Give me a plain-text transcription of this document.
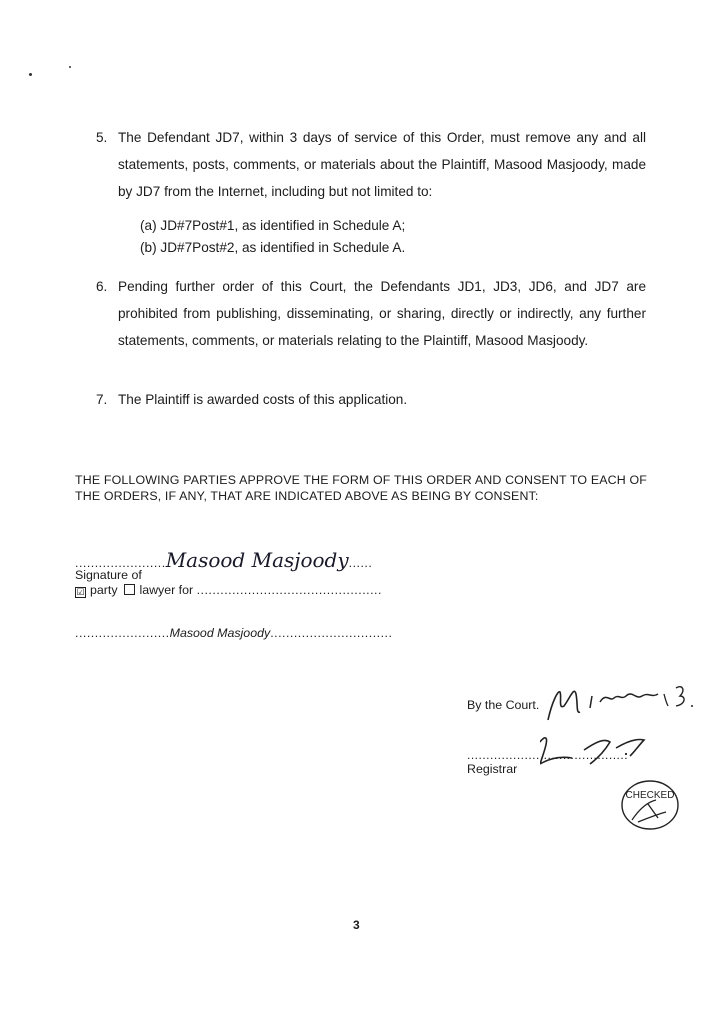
5. The Defendant JD7, within 3 days of service of this Order, must remove any and all statements, posts, comments, or materials about the Plaintiff, Masood Masjoody, made by JD7 from the Internet, including but not limited to:
(a) JD#7Post#1, as identified in Schedule A;
(b) JD#7Post#2, as identified in Schedule A.
6. Pending further order of this Court, the Defendants JD1, JD3, JD6, and JD7 are prohibited from publishing, disseminating, or sharing, directly or indirectly, any further statements, comments, or materials relating to the Plaintiff, Masood Masjoody.
7. The Plaintiff is awarded costs of this application.
THE FOLLOWING PARTIES APPROVE THE FORM OF THIS ORDER AND CONSENT TO EACH OF THE ORDERS, IF ANY, THAT ARE INDICATED ABOVE AS BEING BY CONSENT:
.......................Masood Masjoody......
Signature of
☑ party lawyer for ...............................................
........................Masood Masjoody...............................
By the Court.
..........................................
Registrar
CHECKED
3
